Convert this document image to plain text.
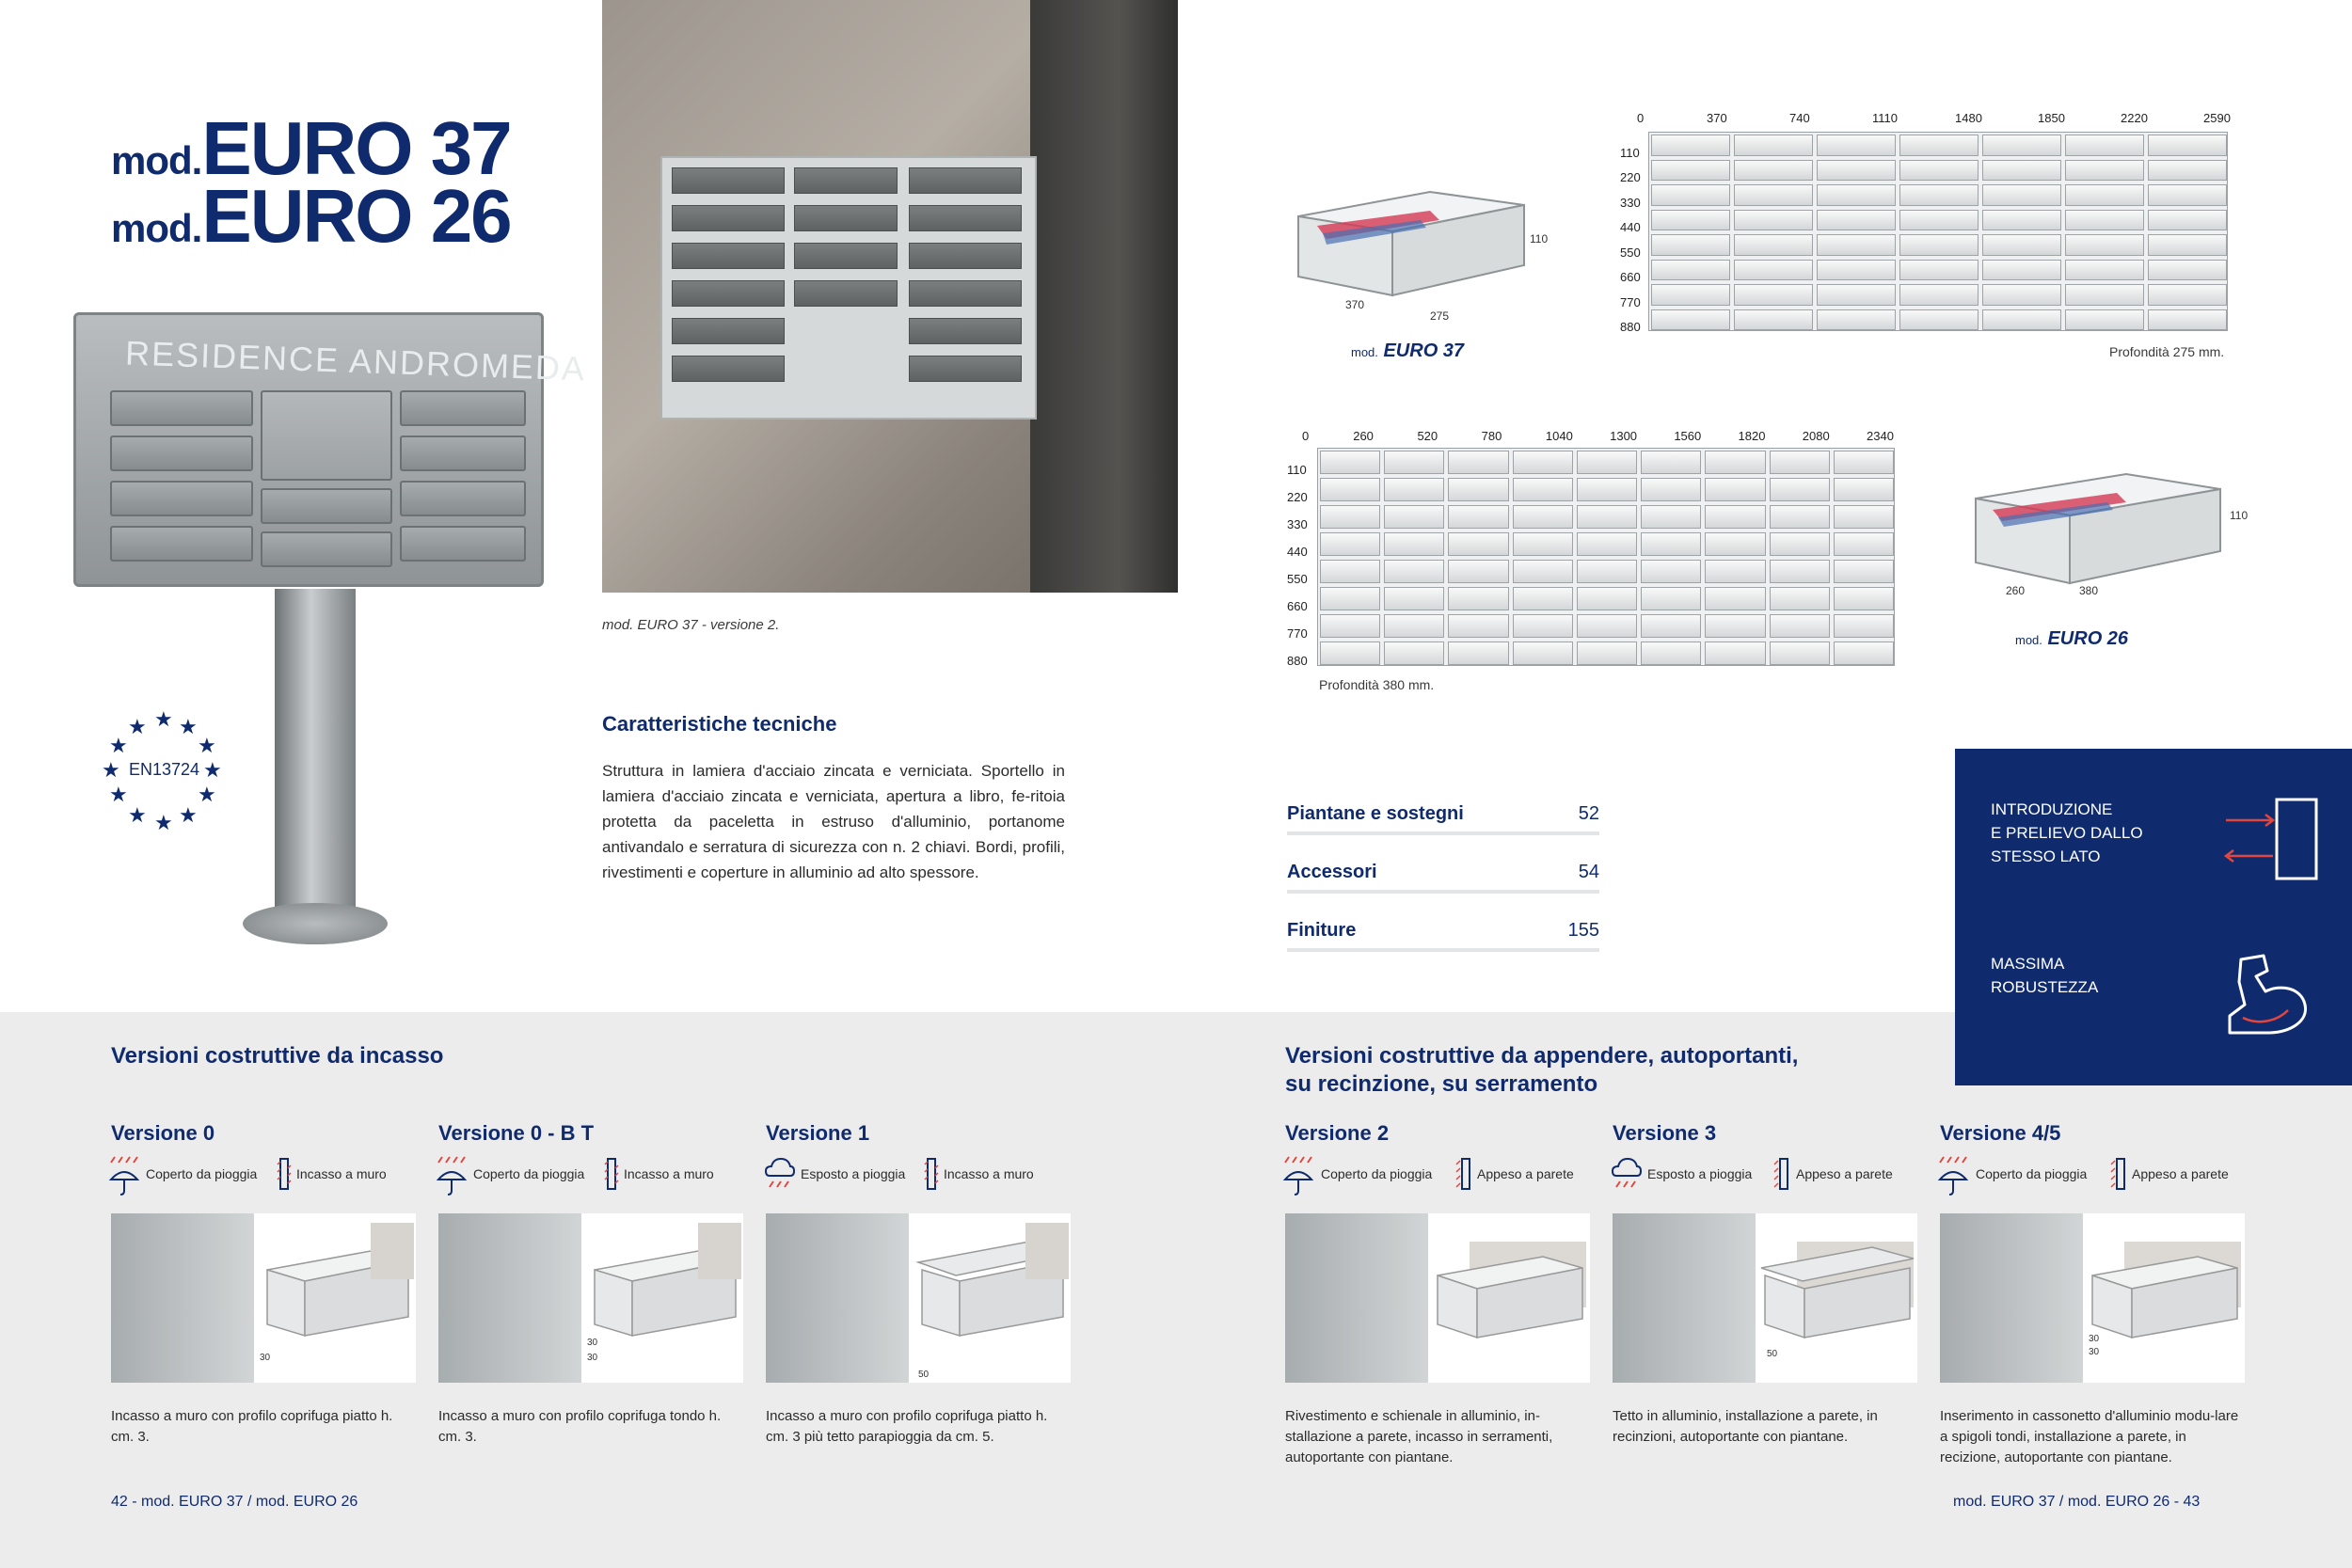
mod.EURO 37
mod.EURO 26
RESIDENCE ANDROMEDA
★ ★
★
★
★
★
★
★
★
★
★
★
EN13724
mod. EURO 37 - versione 2.
Caratteristiche tecniche
Struttura in lamiera d'acciaio zincata e verniciata. Sportello in lamiera d'acciaio zincata e verniciata, apertura a libro, fe-ritoia protetta da paceletta in estruso d'alluminio, portanome antivandalo e serratura di sicurezza con n. 2 chiavi. Bordi, profili, rivestimenti e coperture in alluminio ad alto spessore.
275
370
110
mod. EURO 37
0	370	740	1110	1480	1850	2220	2590
110
220
330
440
550
660
770
880
Profondità 275 mm.
0	260	520	780	1040	1300	1560	1820	2080	2340
110
220
330
440
550
660
770
880
Profondità 380 mm.
110
260	380
mod. EURO 26
Piantane e sostegni	52
Accessori	54
Finiture	155
INTRODUZIONE
E PRELIEVO DALLO
STESSO LATO
MASSIMA
ROBUSTEZZA
Versioni costruttive da incasso	Versioni costruttive da appendere, autoportanti,
su recinzione, su serramento
Versione 0
Coperto da pioggia	Incasso a muro
30
Incasso a muro con profilo coprifuga piatto h. cm. 3.
Versione 0 - B T
Coperto da pioggia	Incasso a muro
30
30
Incasso a muro con profilo coprifuga tondo h. cm. 3.
Versione 1
Esposto a pioggia	Incasso a muro
50
Incasso a muro con profilo coprifuga piatto h. cm. 3 più tetto parapioggia da cm. 5.
Versione 2
Coperto da pioggia	Appeso a parete
Rivestimento e schienale in alluminio, in-stallazione a parete, incasso in serramenti, autoportante con piantane.
Versione 3
Esposto a pioggia	Appeso a parete
50
Tetto in alluminio, installazione a parete, in recinzioni, autoportante con piantane.
Versione 4/5
Coperto da pioggia	Appeso a parete
30
30
Inserimento in cassonetto d'alluminio modu-lare a spigoli tondi, installazione a parete, in recizione, autoportante con piantane.
42 - mod. EURO 37 / mod. EURO 26	mod. EURO 37 / mod. EURO 26 - 43
